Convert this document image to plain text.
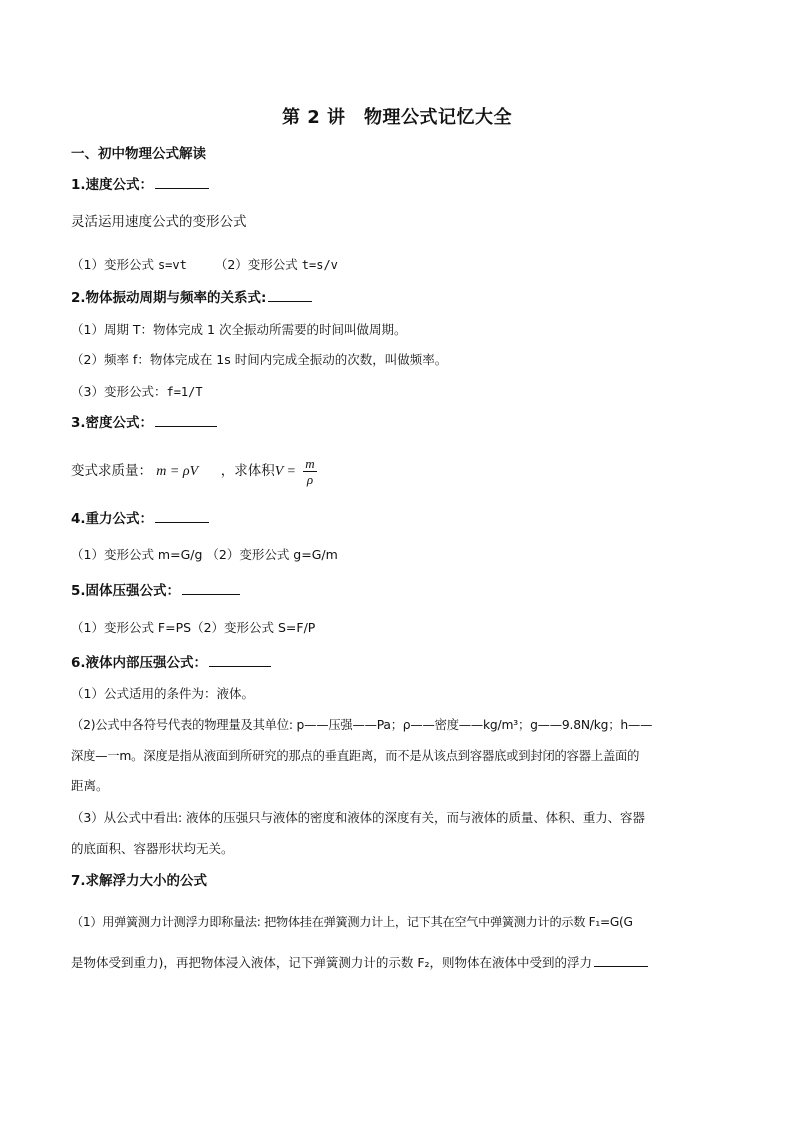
第 2 讲　物理公式记忆大全
一、初中物理公式解读
1.速度公式：
灵活运用速度公式的变形公式
（1）变形公式 s=vt （2）变形公式 t=s/v
2.物体振动周期与频率的关系式:
（1）周期 T：物体完成 1 次全振动所需要的时间叫做周期。
（2）频率 f：物体完成在 1s 时间内完成全振动的次数，叫做频率。
（3）变形公式：f=1/T
3.密度公式：
变式求质量： m = ρV ，求体积$V = \frac{m}{\rho}$
4.重力公式：
（1）变形公式 m=G/g （2）变形公式 g=G/m
5.固体压强公式：
（1）变形公式 F=PS（2）变形公式 S=F/P
6.液体内部压强公式：
（1）公式适用的条件为：液体。
（2)公式中各符号代表的物理量及其单位: p——压强——Pa；ρ——密度——kg/m³；g——9.8N/kg；h——
深度—一m。深度是指从液面到所研究的那点的垂直距离，而不是从该点到容器底或到封闭的容器上盖面的
距离。
（3）从公式中看出: 液体的压强只与液体的密度和液体的深度有关，而与液体的质量、体积、重力、容器
的底面积、容器形状均无关。
7.求解浮力大小的公式
（1）用弹簧测力计测浮力即称量法: 把物体挂在弹簧测力计上，记下其在空气中弹簧测力计的示数 F₁=G(G
是物体受到重力)，再把物体浸入液体，记下弹簧测力计的示数 F₂，则物体在液体中受到的浮力
